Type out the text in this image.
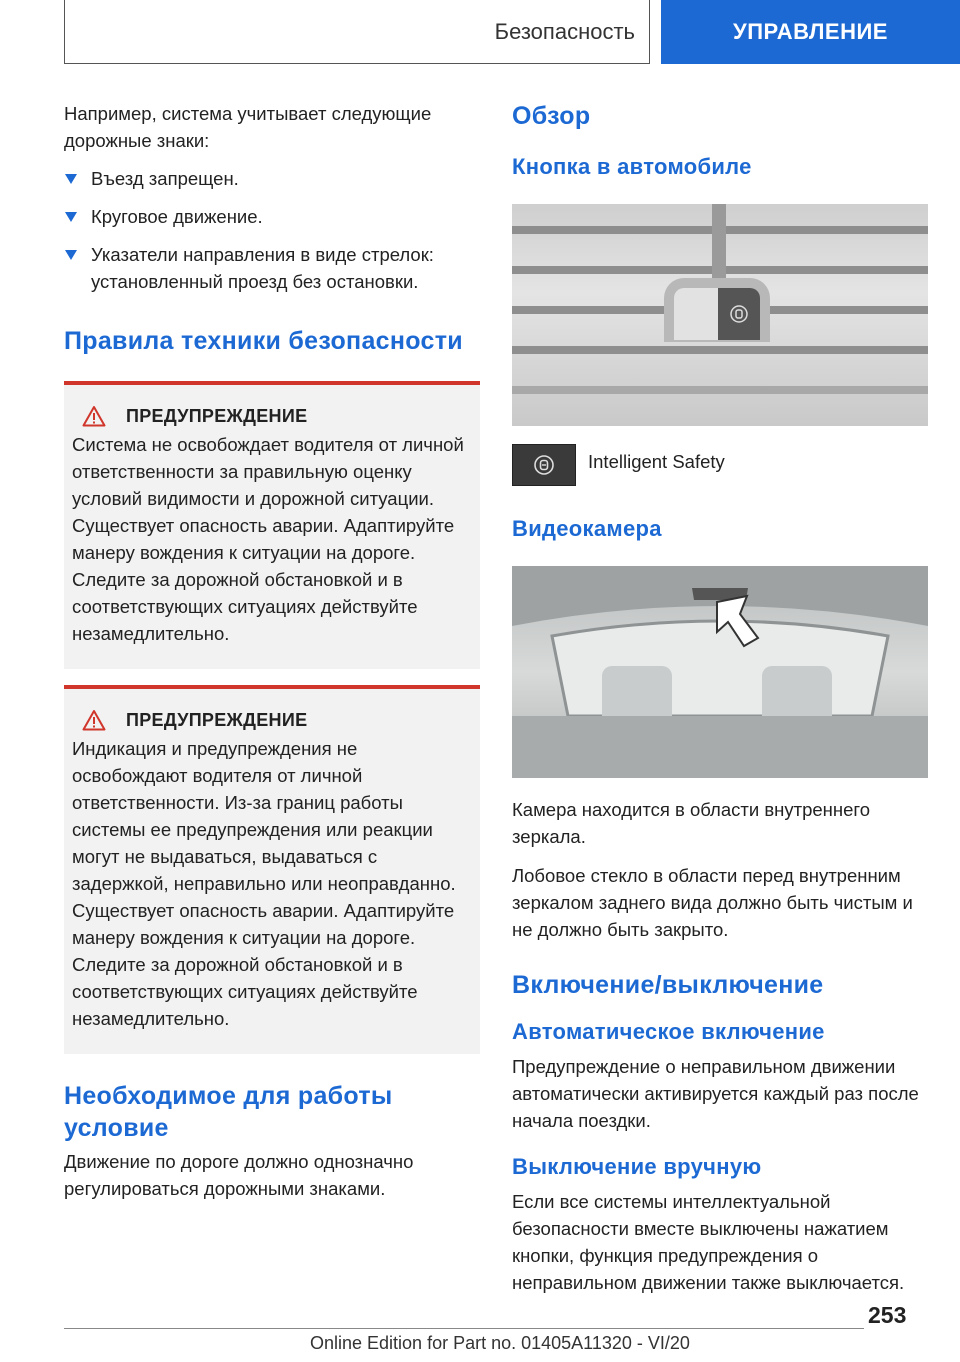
Безопасность	УПРАВЛЕНИЕ

Например, система учитывает следующие дорожные знаки:

Въезд запрещен.
Круговое движение.
Указатели направления в виде стрелок: установленный проезд без остановки.
Правила техники безопасности
ПРЕДУПРЕЖДЕНИЕ

Система не освобождает водителя от личной ответственности за правильную оценку условий видимости и дорожной ситуации. Существует опасность аварии. Адаптируйте манеру вождения к ситуации на дороге. Следите за дорожной обстановкой и в соответствующих ситуациях действуйте незамедлительно.

ПРЕДУПРЕЖДЕНИЕ

Индикация и предупреждения не освобождают водителя от личной ответственности. Из-за границ работы системы ее предупреждения или реакции могут не выдаваться, выдаваться с задержкой, неправильно или неоправданно. Существует опасность аварии. Адаптируйте манеру вождения к ситуации на дороге. Следите за дорожной обстановкой и в соответствующих ситуациях действуйте незамедлительно.

Необходимое для работы условие

Движение по дороге должно однозначно регулироваться дорожными знаками.

Обзор
Кнопка в автомобиле

Intelligent Safety

Видеокамера

Камера находится в области внутреннего зеркала.

Лобовое стекло в области перед внутренним зеркалом заднего вида должно быть чистым и не должно быть закрыто.

Включение/выключение
Автоматическое включение

Предупреждение о неправильном движении автоматически активируется каждый раз после начала поездки.

Выключение вручную

Если все системы интеллектуальной безопасности вместе выключены нажатием кнопки, функция предупреждения о неправильном движении также выключается.

253
Online Edition for Part no. 01405A11320 - VI/20
